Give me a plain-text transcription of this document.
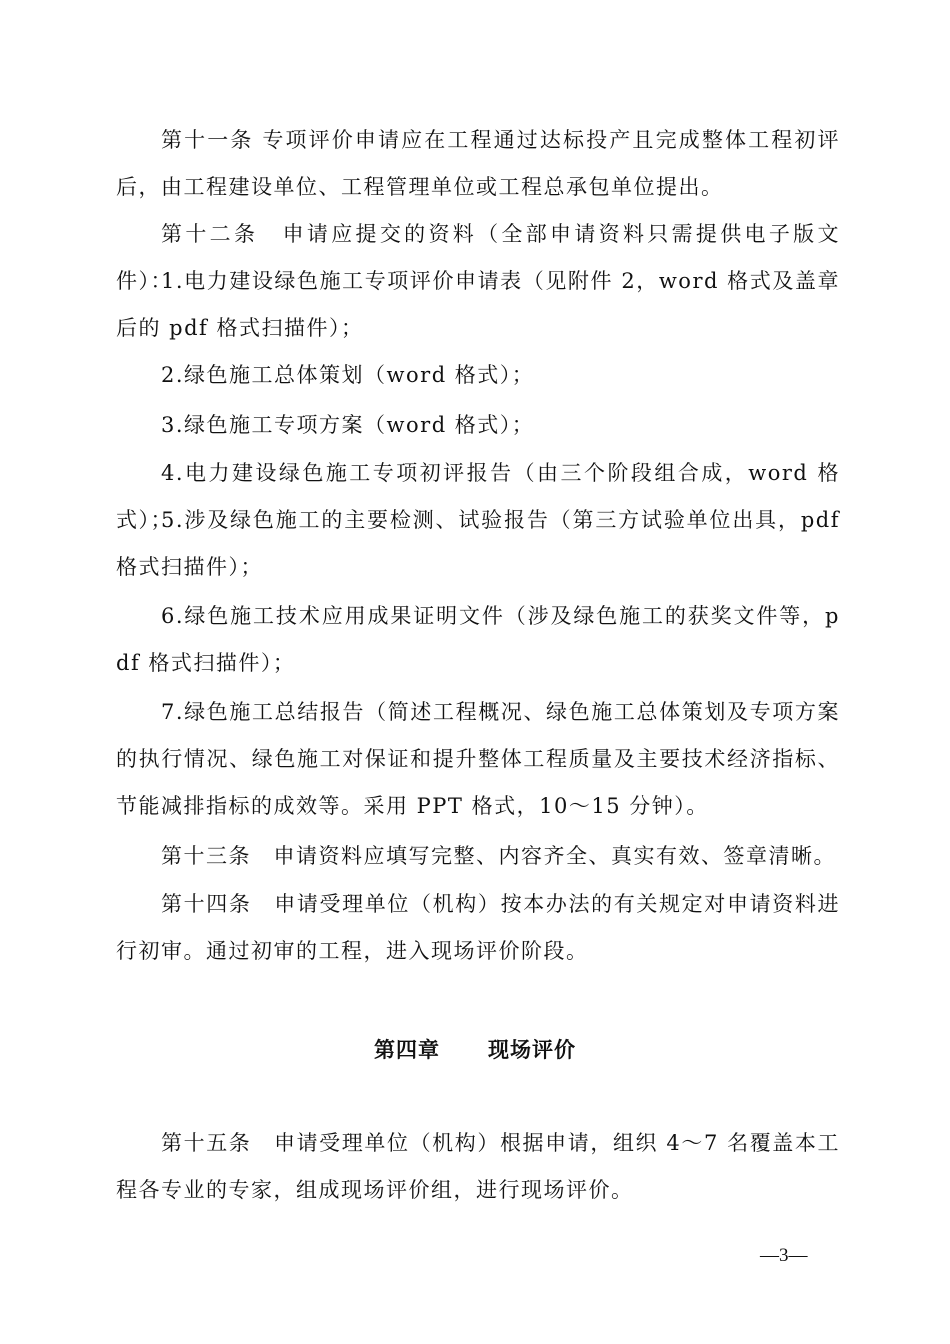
第十一条 专项评价申请应在工程通过达标投产且完成整体工程初评后，由工程建设单位、工程管理单位或工程总承包单位提出。

第十二条　申请应提交的资料（全部申请资料只需提供电子版文件）：

1.电力建设绿色施工专项评价申请表（见附件 2，word 格式及盖章后的 pdf 格式扫描件）；

2.绿色施工总体策划（word 格式）；

3.绿色施工专项方案（word 格式）；

4.电力建设绿色施工专项初评报告（由三个阶段组合成，word 格式）；

5.涉及绿色施工的主要检测、试验报告（第三方试验单位出具，pdf 格式扫描件）；

6.绿色施工技术应用成果证明文件（涉及绿色施工的获奖文件等，pdf 格式扫描件）；

7.绿色施工总结报告（简述工程概况、绿色施工总体策划及专项方案的执行情况、绿色施工对保证和提升整体工程质量及主要技术经济指标、节能减排指标的成效等。采用 PPT 格式，10～15 分钟）。

第十三条　申请资料应填写完整、内容齐全、真实有效、签章清晰。

第十四条　申请受理单位（机构）按本办法的有关规定对申请资料进行初审。通过初审的工程，进入现场评价阶段。

第四章 现场评价

第十五条　申请受理单位（机构）根据申请，组织 4～7 名覆盖本工程各专业的专家，组成现场评价组，进行现场评价。

—3—
